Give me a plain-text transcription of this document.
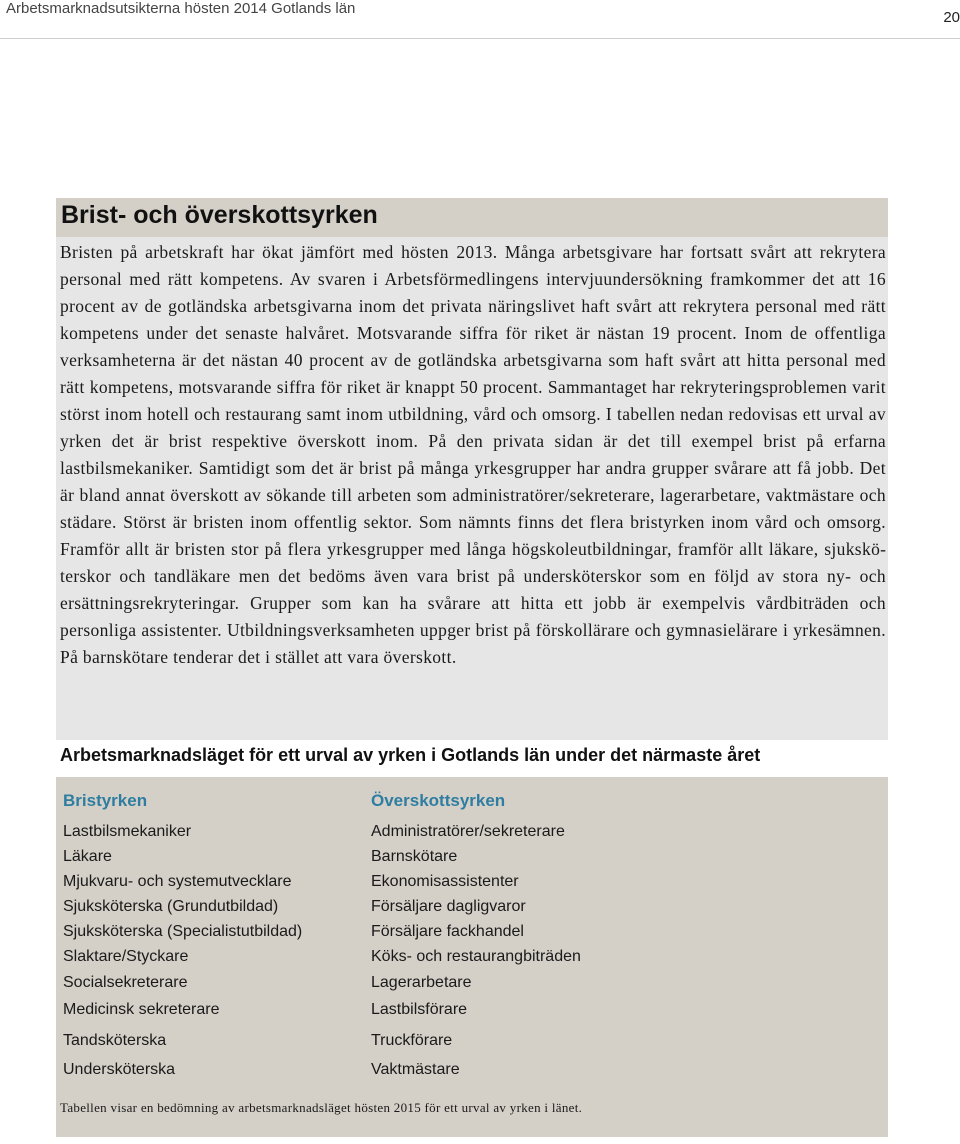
Arbetsmarknadsutsikterna hösten 2014 Gotlands län
20
Brist- och överskottsyrken

Bristen på arbetskraft har ökat jämfört med hösten 2013. Många arbetsgivare har fortsatt svårt att rekrytera personal med rätt kompetens. Av svaren i Arbetsförmedlingens intervjuundersökning framkommer det att 16 procent av de gotländska arbetsgivarna inom det privata näringslivet haft svårt att rekrytera personal med rätt kompetens under det senaste halvåret. Motsvarande siffra för riket är nästan 19 procent. Inom de offentliga verksamheterna är det nästan 40 procent av de gotländska arbetsgivarna som haft svårt att hitta personal med rätt kompetens, motsvarande siffra för riket är knappt 50 procent. Sammantaget har rekryteringsproblemen varit störst inom hotell och restaurang samt inom utbildning, vård och omsorg. I tabellen nedan redovisas ett urval av yrken det är brist respektive överskott inom. På den privata sidan är det till exempel brist på erfarna lastbilsmekaniker. Samtidigt som det är brist på många yrkesgrupper har andra grupper svårare att få jobb. Det är bland annat överskott av sökande till arbeten som administratörer/sekreterare, lagerarbetare, vaktmästare och städare. Störst är bristen inom offentlig sektor. Som nämnts finns det flera bristyrken inom vård och omsorg. Framför allt är bristen stor på flera yrkesgrupper med långa högskoleutbildningar, framför allt läkare, sjuksköterskor och tandläkare men det bedöms även vara brist på undersköterskor som en följd av stora ny- och ersättningsrekryteringar. Grupper som kan ha svårare att hitta ett jobb är exempelvis vårdbiträden och personliga assistenter. Utbildningsverksamheten uppger brist på förskollärare och gymnasielärare i yrkesämnen. På barnskötare tenderar det i stället att vara överskott.

Arbetsmarknadsläget för ett urval av yrken i Gotlands län under det närmaste året
Bristyrken
Lastbilsmekaniker
Läkare
Mjukvaru- och systemutvecklare
Sjuksköterska (Grundutbildad)
Sjuksköterska (Specialistutbildad)
Slaktare/Styckare
Socialsekreterare
Medicinsk sekreterare
Tandsköterska
Undersköterska
Överskottsyrken
Administratörer/sekreterare
Barnskötare
Ekonomisassistenter
Försäljare dagligvaror
Försäljare fackhandel
Köks- och restaurangbiträden
Lagerarbetare
Lastbilsförare
Truckförare
Vaktmästare
Tabellen visar en bedömning av arbetsmarknadsläget hösten 2015 för ett urval av yrken i länet.
